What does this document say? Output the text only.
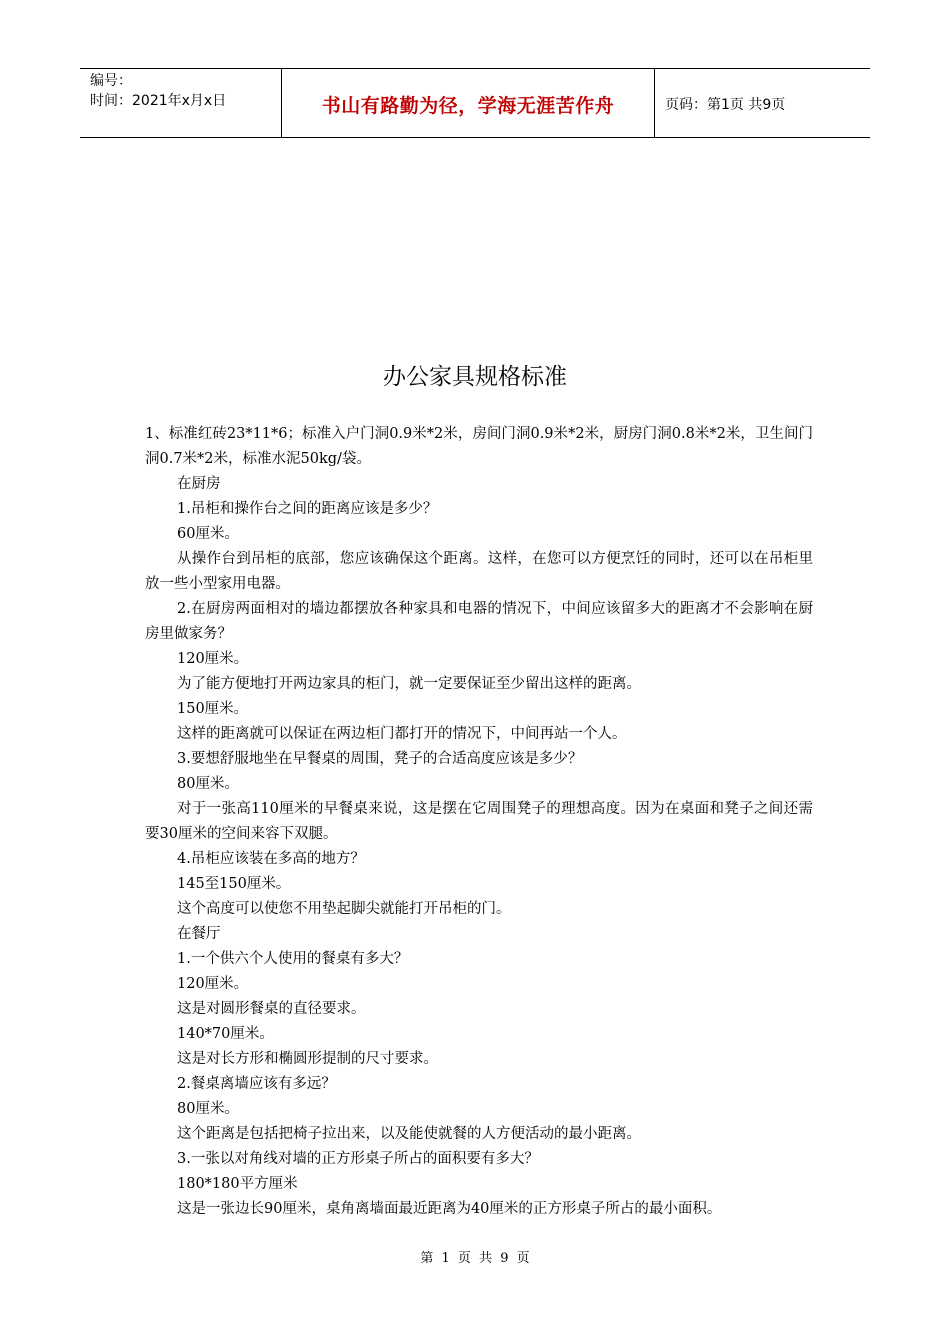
编号：
时间：2021年x月x日	书山有路勤为径，学海无涯苦作舟	页码：第1页 共9页
办公家具规格标准

1、标准红砖23*11*6；标准入户门洞0.9米*2米，房间门洞0.9米*2米，厨房门洞0.8米*2米，卫生间门洞0.7米*2米，标准水泥50kg/袋。

在厨房

1.吊柜和操作台之间的距离应该是多少？

60厘米。

从操作台到吊柜的底部，您应该确保这个距离。这样，在您可以方便烹饪的同时，还可以在吊柜里放一些小型家用电器。

2.在厨房两面相对的墙边都摆放各种家具和电器的情况下，中间应该留多大的距离才不会影响在厨房里做家务？

120厘米。

为了能方便地打开两边家具的柜门，就一定要保证至少留出这样的距离。

150厘米。

这样的距离就可以保证在两边柜门都打开的情况下，中间再站一个人。

3.要想舒服地坐在早餐桌的周围，凳子的合适高度应该是多少？

80厘米。

对于一张高110厘米的早餐桌来说，这是摆在它周围凳子的理想高度。因为在桌面和凳子之间还需要30厘米的空间来容下双腿。

4.吊柜应该装在多高的地方？

145至150厘米。

这个高度可以使您不用垫起脚尖就能打开吊柜的门。

在餐厅

1.一个供六个人使用的餐桌有多大？

120厘米。

这是对圆形餐桌的直径要求。

140*70厘米。

这是对长方形和椭圆形提制的尺寸要求。

2.餐桌离墙应该有多远？

80厘米。

这个距离是包括把椅子拉出来，以及能使就餐的人方便活动的最小距离。

3.一张以对角线对墙的正方形桌子所占的面积要有多大？

180*180平方厘米

这是一张边长90厘米，桌角离墙面最近距离为40厘米的正方形桌子所占的最小面积。

第 1 页 共 9 页
